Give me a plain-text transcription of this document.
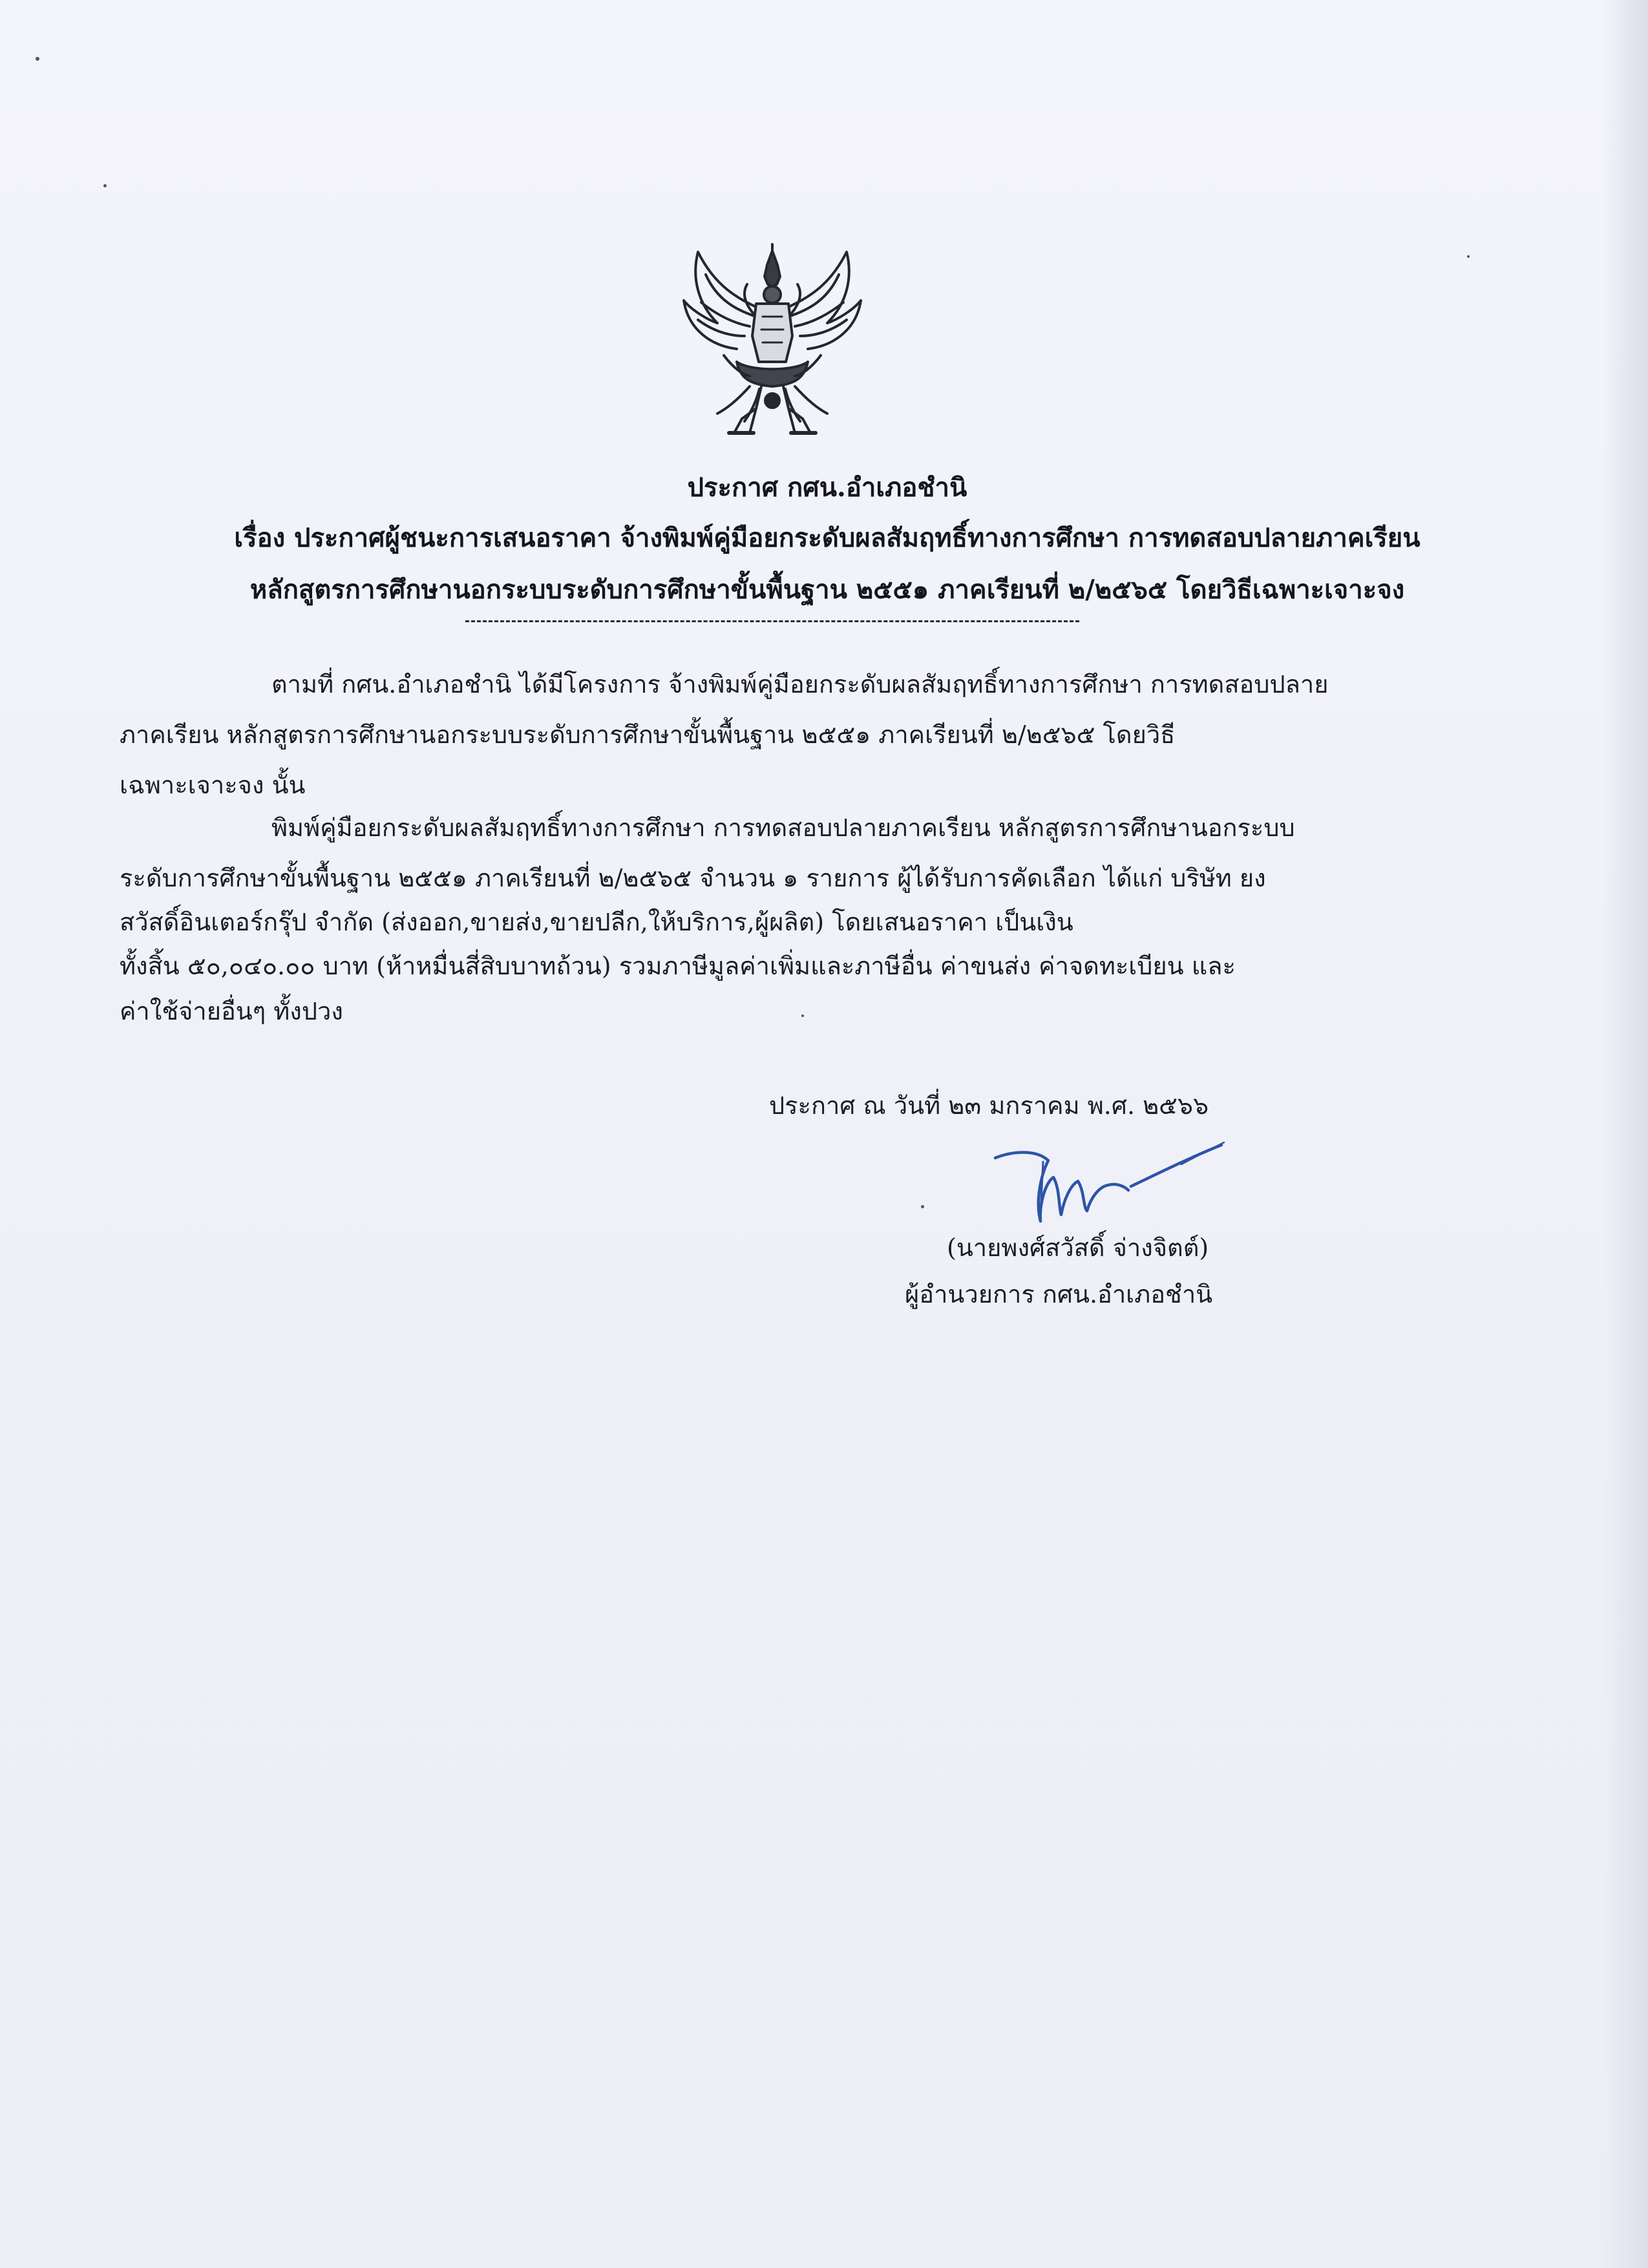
ประกาศ กศน.อำเภอชำนิ
เรื่อง ประกาศผู้ชนะการเสนอราคา จ้างพิมพ์คู่มือยกระดับผลสัมฤทธิ์ทางการศึกษา การทดสอบปลายภาคเรียน
หลักสูตรการศึกษานอกระบบระดับการศึกษาขั้นพื้นฐาน ๒๕๕๑ ภาคเรียนที่ ๒/๒๕๖๕ โดยวิธีเฉพาะเจาะจง
ตามที่ กศน.อำเภอชำนิ ได้มีโครงการ จ้างพิมพ์คู่มือยกระดับผลสัมฤทธิ์ทางการศึกษา การทดสอบปลาย
ภาคเรียน หลักสูตรการศึกษานอกระบบระดับการศึกษาขั้นพื้นฐาน ๒๕๕๑ ภาคเรียนที่ ๒/๒๕๖๕ โดยวิธี
เฉพาะเจาะจง นั้น
พิมพ์คู่มือยกระดับผลสัมฤทธิ์ทางการศึกษา การทดสอบปลายภาคเรียน หลักสูตรการศึกษานอกระบบ
ระดับการศึกษาขั้นพื้นฐาน ๒๕๕๑ ภาคเรียนที่ ๒/๒๕๖๕ จำนวน ๑ รายการ ผู้ได้รับการคัดเลือก ได้แก่ บริษัท ยง
สวัสดิ์อินเตอร์กรุ๊ป จำกัด (ส่งออก,ขายส่ง,ขายปลีก,ให้บริการ,ผู้ผลิต) โดยเสนอราคา เป็นเงิน
ทั้งสิ้น ๕๐,๐๔๐.๐๐ บาท (ห้าหมื่นสี่สิบบาทถ้วน) รวมภาษีมูลค่าเพิ่มและภาษีอื่น ค่าขนส่ง ค่าจดทะเบียน และ
ค่าใช้จ่ายอื่นๆ ทั้งปวง
ประกาศ ณ วันที่ ๒๓ มกราคม พ.ศ. ๒๕๖๖
(นายพงศ์สวัสดิ์ จ่างจิตต์)
ผู้อำนวยการ กศน.อำเภอชำนิ
